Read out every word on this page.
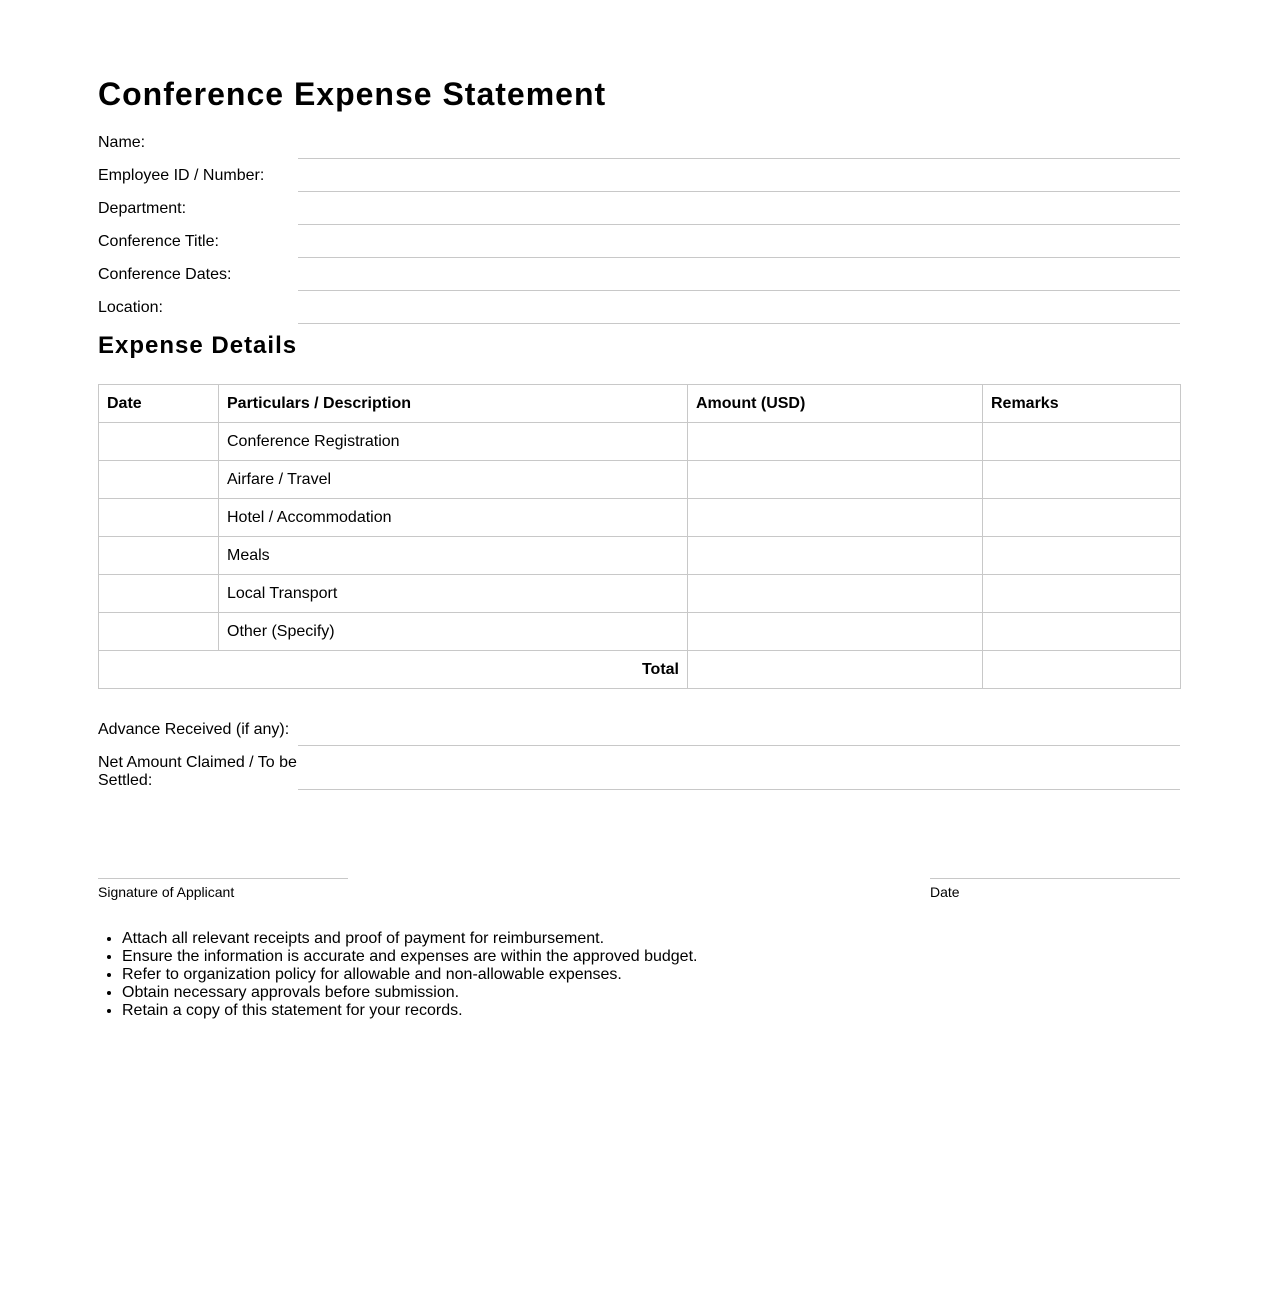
Conference Expense Statement
Name:
Employee ID / Number:
Department:
Conference Title:
Conference Dates:
Location:
Expense Details
Date	Particulars / Description	Amount (USD)	Remarks
	Conference Registration		
	Airfare / Travel		
	Hotel / Accommodation		
	Meals		
	Local Transport		
	Other (Specify)		
Total			
Advance Received (if any):
Net Amount Claimed / To be Settled:
Signature of Applicant	Date
• Attach all relevant receipts and proof of payment for reimbursement.
• Ensure the information is accurate and expenses are within the approved budget.
• Refer to organization policy for allowable and non-allowable expenses.
• Obtain necessary approvals before submission.
• Retain a copy of this statement for your records.
